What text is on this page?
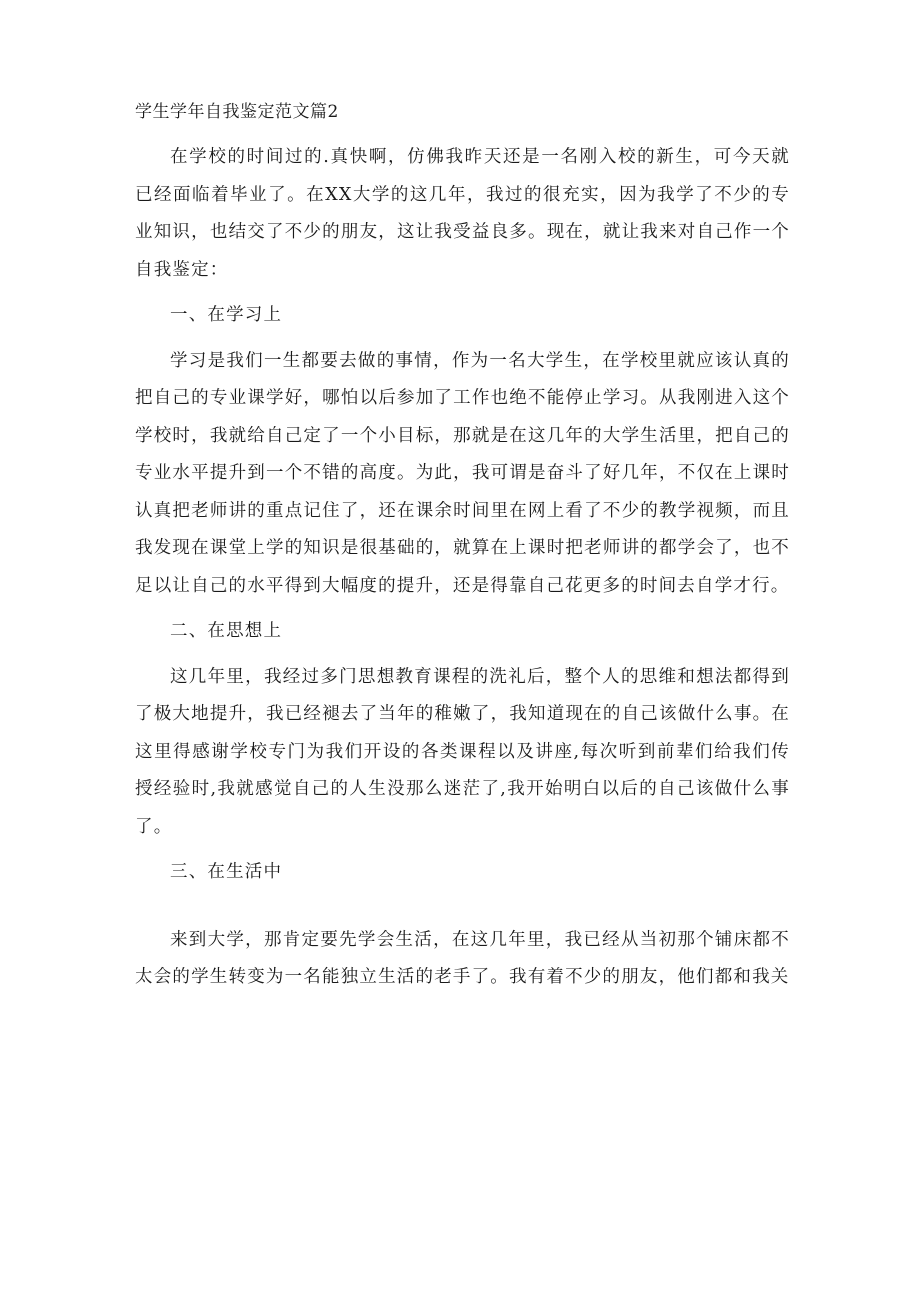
学生学年自我鉴定范文篇2

在学校的时间过的.真快啊，仿佛我昨天还是一名刚入校的新生，可今天就已经面临着毕业了。在XX大学的这几年，我过的很充实，因为我学了不少的专业知识，也结交了不少的朋友，这让我受益良多。现在，就让我来对自己作一个自我鉴定：

一、在学习上

学习是我们一生都要去做的事情，作为一名大学生，在学校里就应该认真的把自己的专业课学好，哪怕以后参加了工作也绝不能停止学习。从我刚进入这个学校时，我就给自己定了一个小目标，那就是在这几年的大学生活里，把自己的专业水平提升到一个不错的高度。为此，我可谓是奋斗了好几年，不仅在上课时认真把老师讲的重点记住了，还在课余时间里在网上看了不少的教学视频，而且我发现在课堂上学的知识是很基础的，就算在上课时把老师讲的都学会了，也不足以让自己的水平得到大幅度的提升，还是得靠自己花更多的时间去自学才行。

二、在思想上

这几年里，我经过多门思想教育课程的洗礼后，整个人的思维和想法都得到了极大地提升，我已经褪去了当年的稚嫩了，我知道现在的自己该做什么事。在这里得感谢学校专门为我们开设的各类课程以及讲座,每次听到前辈们给我们传授经验时,我就感觉自己的人生没那么迷茫了,我开始明白以后的自己该做什么事了。

三、在生活中

来到大学，那肯定要先学会生活，在这几年里，我已经从当初那个铺床都不太会的学生转变为一名能独立生活的老手了。我有着不少的朋友，他们都和我关
